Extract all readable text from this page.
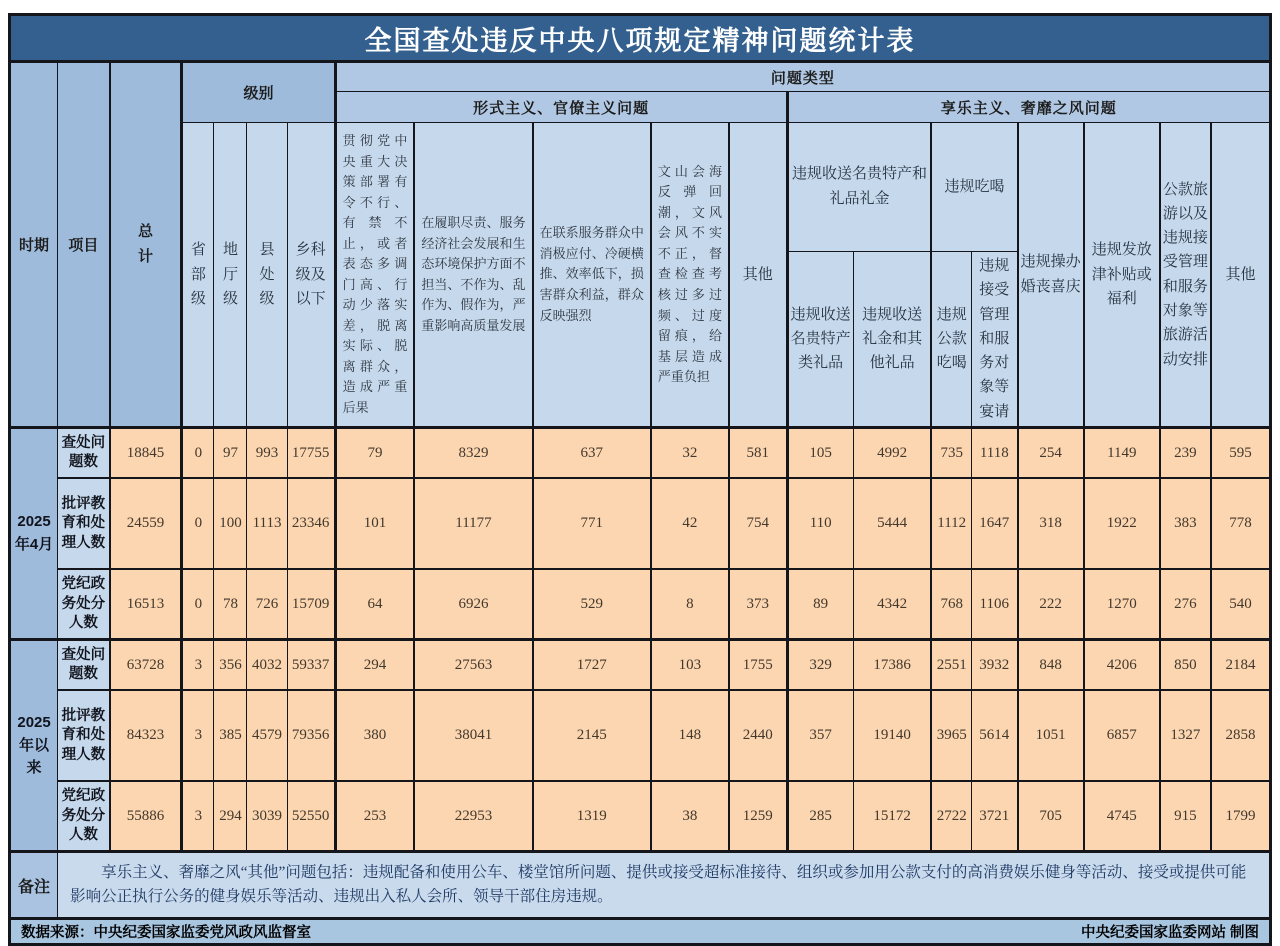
全国查处违反中央八项规定精神问题统计表																			
时期	项目	总计	级别				问题类型												
							形式主义、官僚主义问题					享乐主义、奢靡之风问题							
			省部级	地厅级	县处级	乡科级及以下	贯彻党中央重大决策部署有令不行、有禁不止，或者表态多调门高、行动少落实差，脱离实际、脱离群众，造成严重后果	在履职尽责、服务经济社会发展和生态环境保护方面不担当、不作为、乱作为、假作为，严重影响高质量发展	在联系服务群众中消极应付、冷硬横推、效率低下，损害群众利益，群众反映强烈	文山会海反弹回潮，文风会风不实不正，督查检查考核过多过频、过度留痕，给基层造成严重负担	其他	违规收送名贵特产和礼品礼金		违规吃喝		违规操办婚丧喜庆	违规发放津补贴或福利	公款旅游以及违规接受管理和服务对象等旅游活动安排	其他
												违规收送名贵特产类礼品	违规收送礼金和其他礼品	违规公款吃喝	违规接受管理和服务对象等宴请				
2025年4月	查处问题数	18845	0	97	993	17755	79	8329	637	32	581	105	4992	735	1118	254	1149	239	595
	批评教育和处理人数	24559	0	100	1113	23346	101	11177	771	42	754	110	5444	1112	1647	318	1922	383	778
	党纪政务处分人数	16513	0	78	726	15709	64	6926	529	8	373	89	4342	768	1106	222	1270	276	540
2025年以来	查处问题数	63728	3	356	4032	59337	294	27563	1727	103	1755	329	17386	2551	3932	848	4206	850	2184
	批评教育和处理人数	84323	3	385	4579	79356	380	38041	2145	148	2440	357	19140	3965	5614	1051	6857	1327	2858
	党纪政务处分人数	55886	3	294	3039	52550	253	22953	1319	38	1259	285	15172	2722	3721	705	4745	915	1799
备注	享乐主义、奢靡之风“其他”问题包括：违规配备和使用公车、楼堂馆所问题、提供或接受超标准接待、组织或参加用公款支付的高消费娱乐健身等活动、接受或提供可能影响公正执行公务的健身娱乐等活动、违规出入私人会所、领导干部住房违规。																		

数据来源：中央纪委国家监委党风政风监督室 中央纪委国家监委网站 制图																			
